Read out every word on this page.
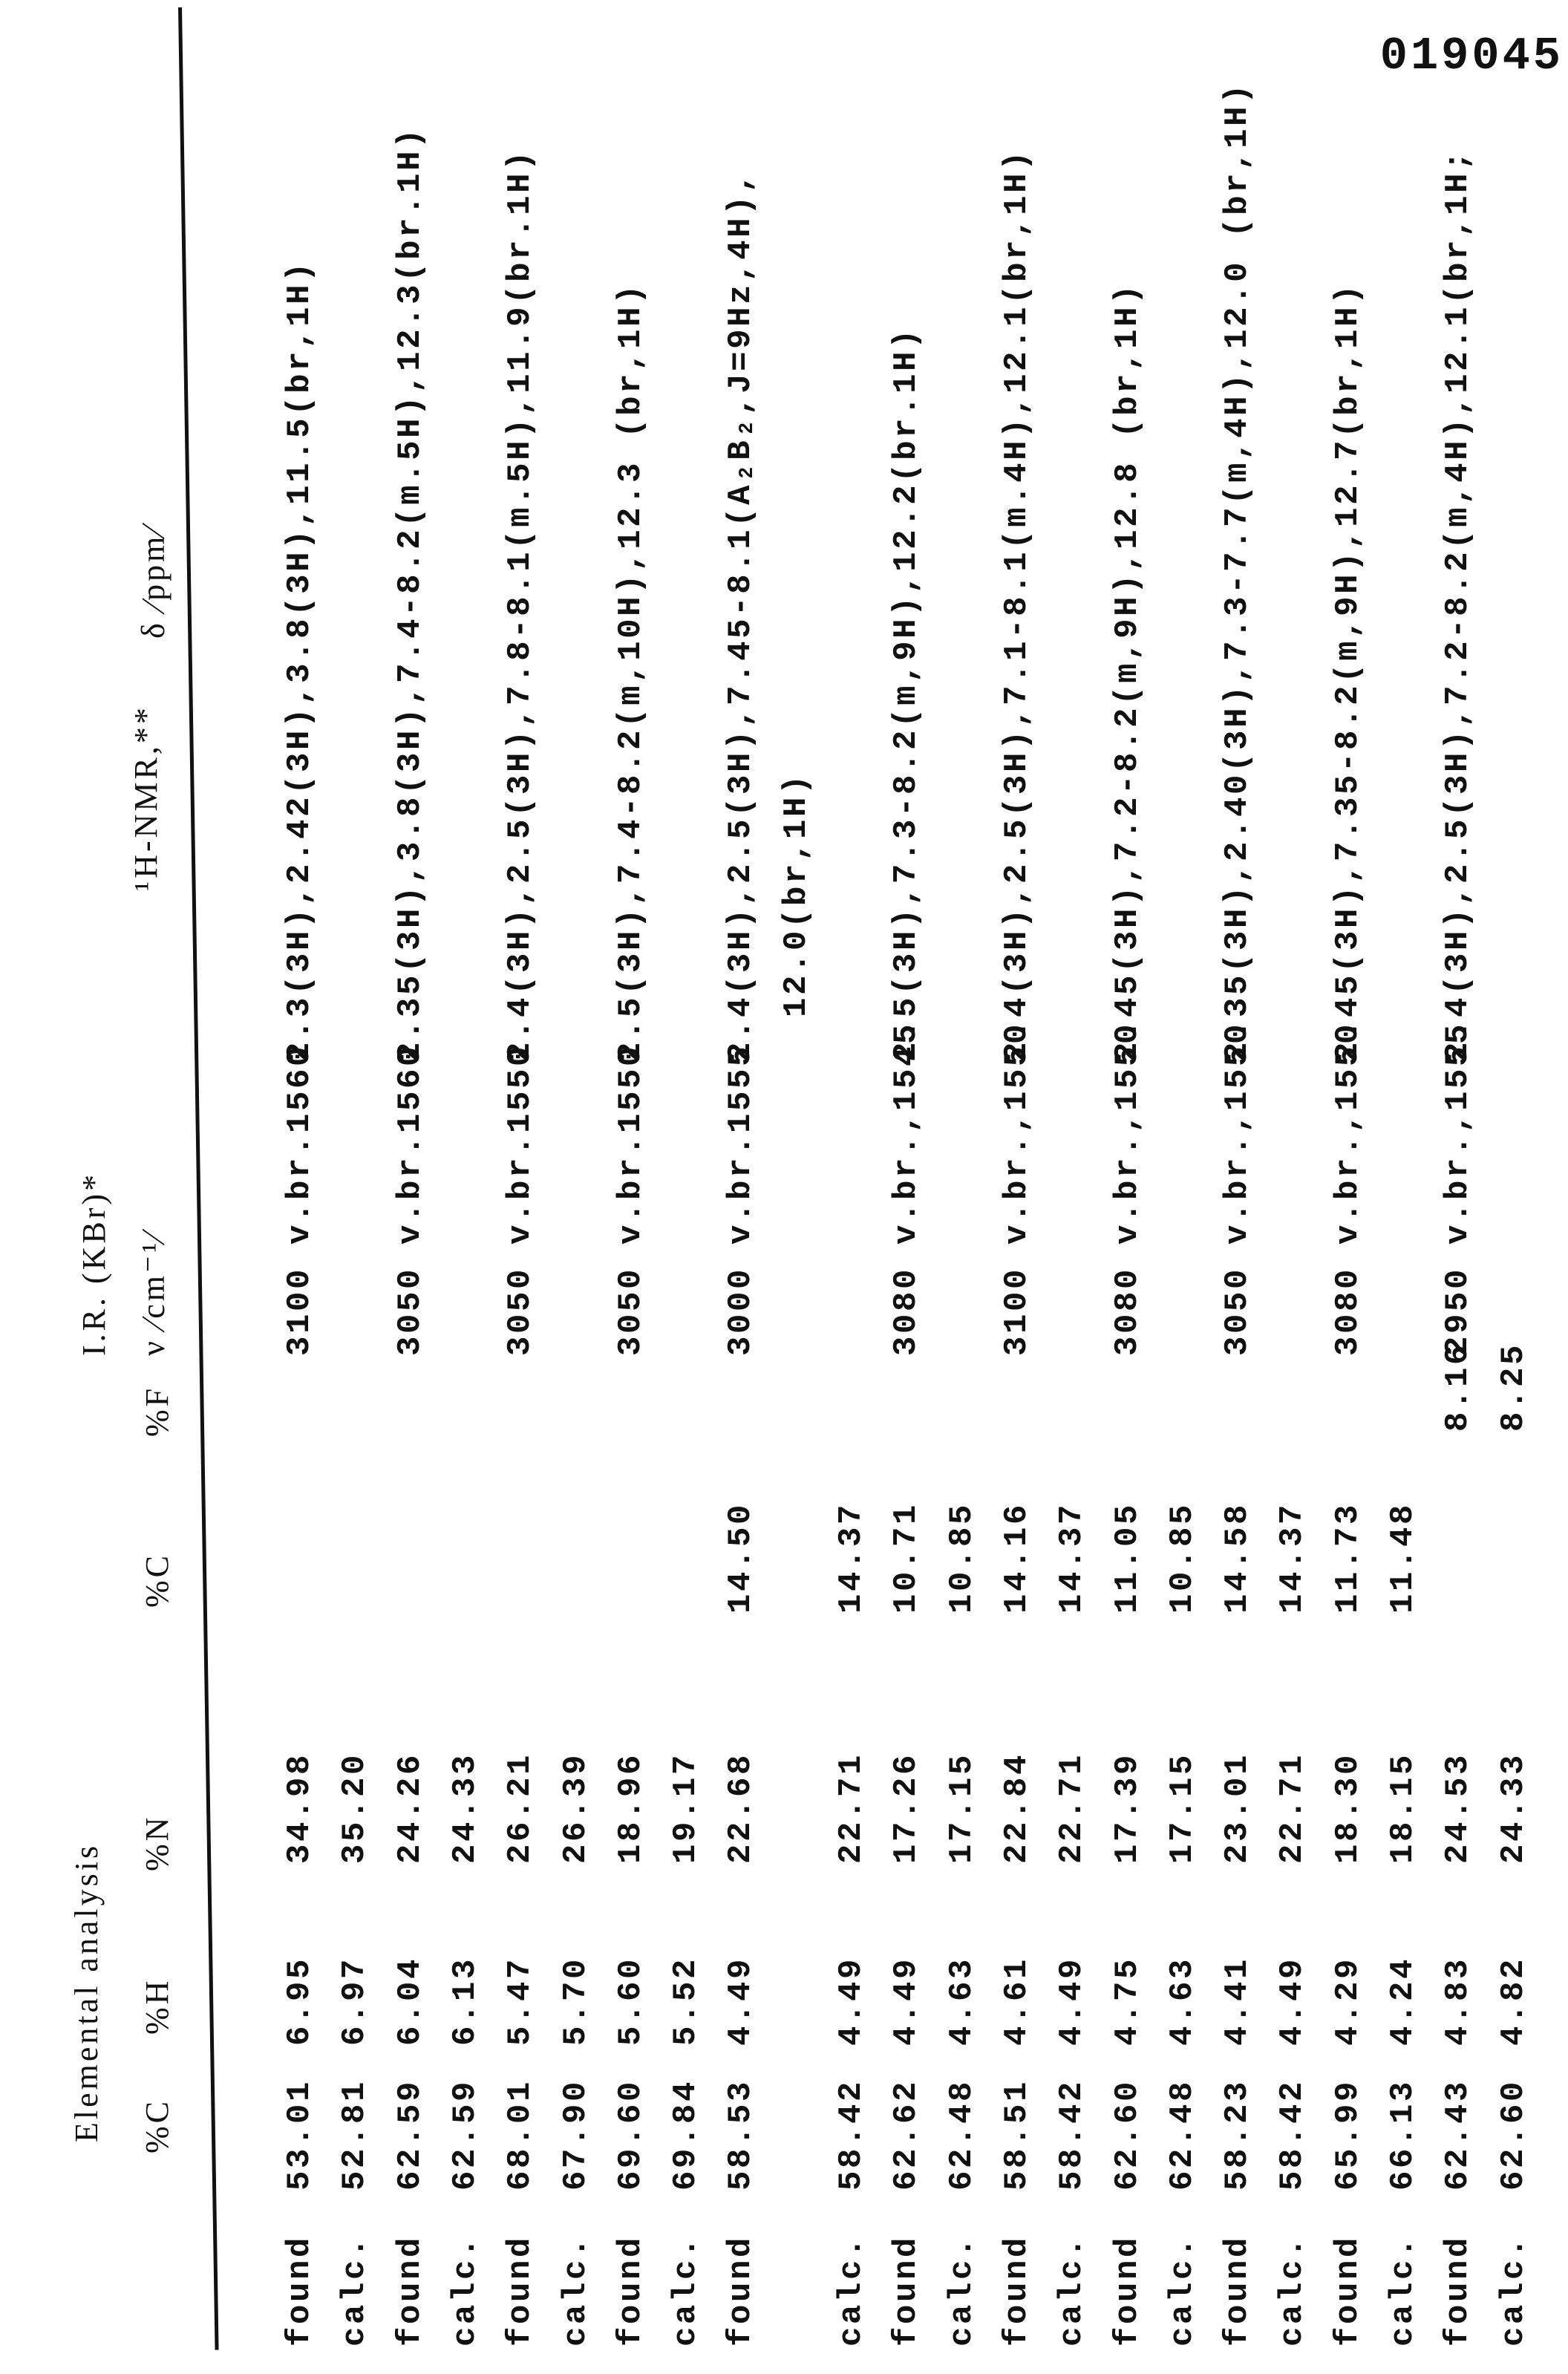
019045
Elemental analysis %C
%H
%N
%C
%F
I.R. (KBr)* ν ⁄cm⁻¹⁄
¹H-NMR,**
δ ⁄ppm⁄
found
53.01
6.95
34.98
3100 v.br.1560
2.3(3H),2.42(3H),3.8(3H),11.5(br,1H)
calc.
52.81
6.97
35.20
found
62.59
6.04
24.26
3050 v.br.1560
2.35(3H),3.8(3H),7.4-8.2(m.5H),12.3(br.1H)
calc.
62.59
6.13
24.33
found
68.01
5.47
26.21
3050 v.br.1550
2.4(3H),2.5(3H),7.8-8.1(m.5H),11.9(br.1H)
calc.
67.90
5.70
26.39
found
69.60
5.60
18.96
3050 v.br.1550
2.5(3H),7.4-8.2(m,10H),12.3 (br,1H)
calc.
69.84
5.52
19.17
found
58.53
4.49
22.68
14.50
3000 v.br.1555
2.4(3H),2.5(3H),7.45-8.1(A₂B₂,J=9Hz,4H), 12.0(br,1H)
calc.
58.42
4.49
22.71
14.37
found
62.62
4.49
17.26
10.71
3080 v.br.,1545
2.5(3H),7.3-8.2(m,9H),12.2(br.1H)
calc.
62.48
4.63
17.15
10.85
found
58.51
4.61
22.84
14.16
3100 v.br.,1550
2.4(3H),2.5(3H),7.1-8.1(m.4H),12.1(br,1H)
calc.
58.42
4.49
22.71
14.37
found
62.60
4.75
17.39
11.05
3080 v.br.,1550
2.45(3H),7.2-8.2(m,9H),12.8 (br,1H)
calc.
62.48
4.63
17.15
10.85
found
58.23
4.41
23.01
14.58
3050 v.br.,1550
2.35(3H),2.40(3H),7.3-7.7(m,4H),12.0 (br,1H)
calc.
58.42
4.49
22.71
14.37
found
65.99
4.29
18.30
11.73
3080 v.br.,1550
2.45(3H),7.35-8.2(m,9H),12.7(br,1H)
calc.
66.13
4.24
18.15
11.48
found
62.43
4.83
24.53
8.16
2950 v.br.,1555
2.4(3H),2.5(3H),7.2-8.2(m,4H),12.1(br,1H;
calc.
62.60
4.82
24.33
8.25
